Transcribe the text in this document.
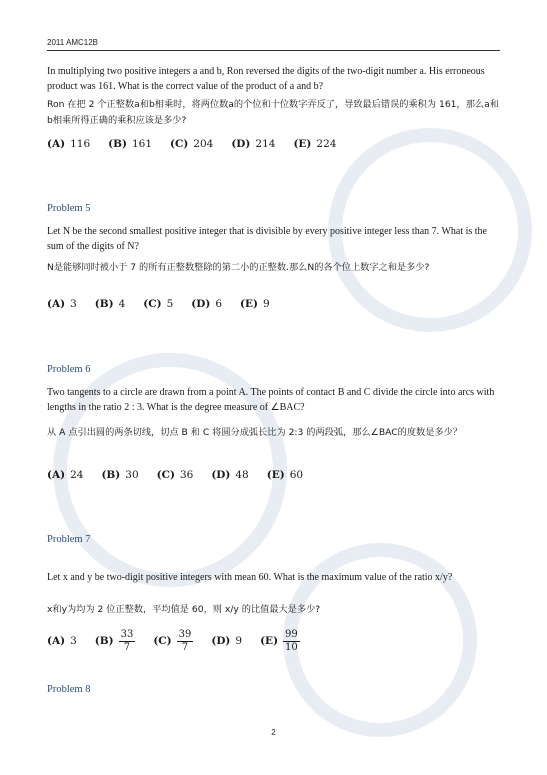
2011 AMC12B
In multiplying two positive integers a and b, Ron reversed the digits of the two-digit number a. His erroneous product was 161. What is the correct value of the product of a and b?
Ron 在把 2 个正整数a和b相乘时，将两位数a的个位和十位数字弄反了，导致最后错误的乘积为 161，那么a和b相乘所得正确的乘积应该是多少?
(A) 116 (B) 161 (C) 204 (D) 214 (E) 224
Problem 5
Let N be the second smallest positive integer that is divisible by every positive integer less than 7. What is the sum of the digits of N?
N是能够同时被小于 7 的所有正整数整除的第二小的正整数.那么N的各个位上数字之和是多少?
(A) 3 (B) 4 (C) 5 (D) 6 (E) 9
Problem 6
Two tangents to a circle are drawn from a point A. The points of contact B and C divide the circle into arcs with lengths in the ratio 2 : 3. What is the degree measure of ∠BAC?
从 A 点引出圆的两条切线，切点 B 和 C 将圆分成弧长比为 2:3 的两段弧，那么∠BAC的度数是多少？
(A) 24 (B) 30 (C) 36 (D) 48 (E) 60
Problem 7
Let x and y be two-digit positive integers with mean 60. What is the maximum value of the ratio x/y?
x和y为均为 2 位正整数，平均值是 60，则 x/y 的比值最大是多少?
(A) 3 $(B) \frac{33}{7} (C) \frac{39}{7} (D)$ 9 $(E) \frac{99}{10}$
Problem 8
2
